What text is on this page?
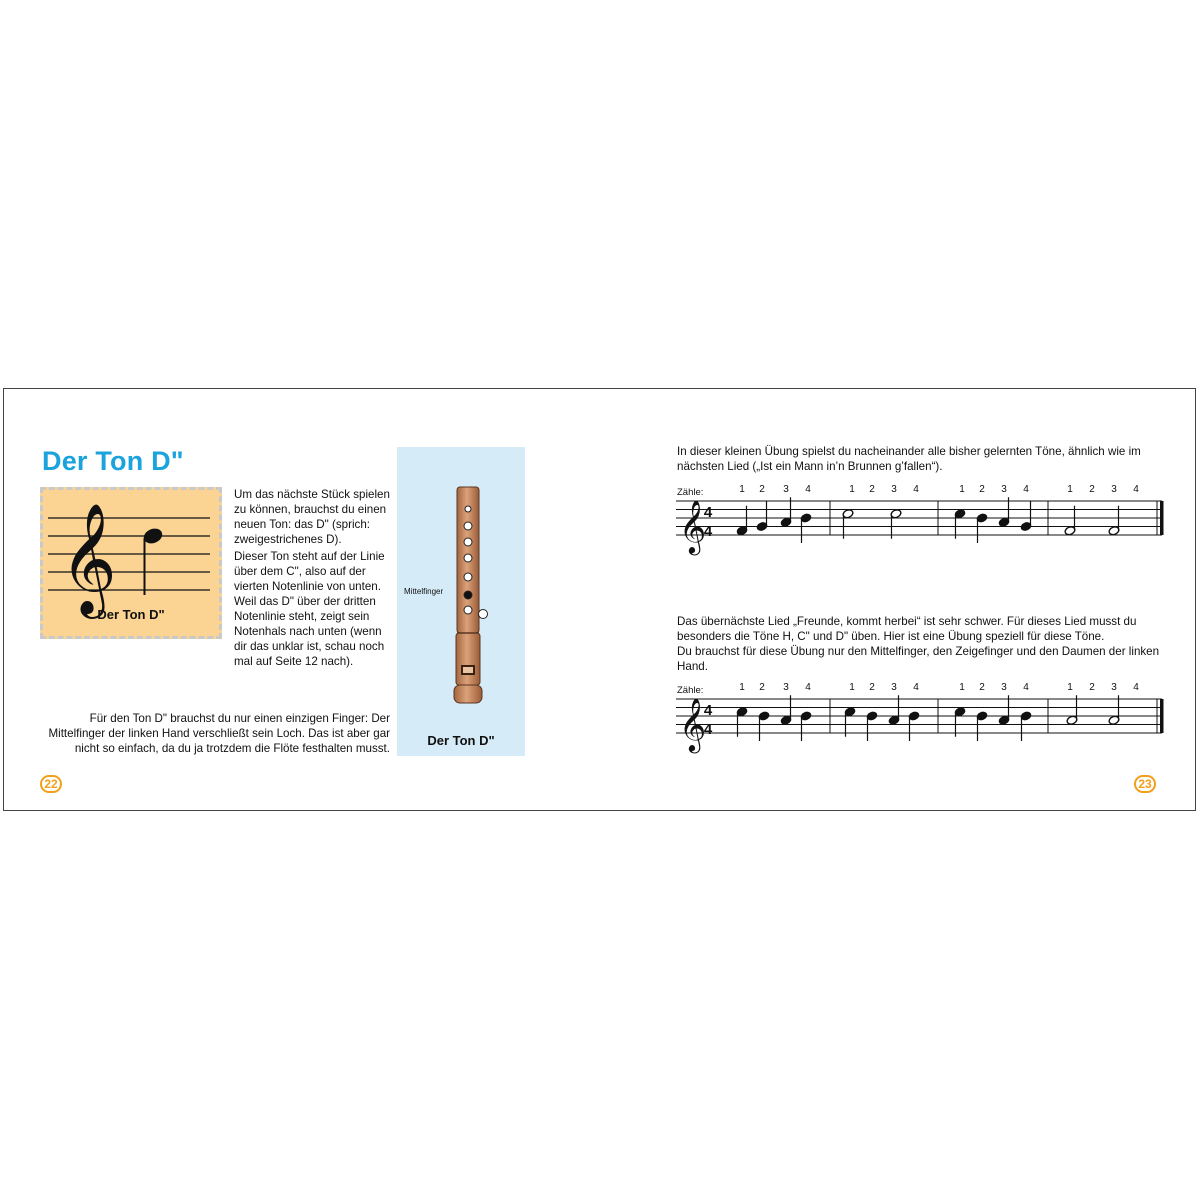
Der Ton D"
𝄞
Der Ton D"
Um das nächste Stück spielen zu können, brauchst du einen neuen Ton: das D" (sprich: zweigestrichenes D).
Dieser Ton steht auf der Linie über dem C", also auf der vierten Notenlinie von unten. Weil das D" über der dritten Notenlinie steht, zeigt sein Notenhals nach unten (wenn dir das unklar ist, schau noch mal auf Seite 12 nach).
Für den Ton D" brauchst du nur einen einzigen Finger: Der Mittelfinger der linken Hand verschließt sein Loch. Das ist aber gar nicht so einfach, da du ja trotzdem die Flöte festhalten musst.
Mittelfinger
Der Ton D"
22
In dieser kleinen Übung spielst du nacheinander alle bisher gelernten Töne, ähnlich wie im nächsten Lied („Ist ein Mann in’n Brunnen g’fallen“).
Zähle:	1	2	3	4	1	2	3	4	1	2	3	4	1	2	3	4
𝄞
4
4
Das übernächste Lied „Freunde, kommt herbei“ ist sehr schwer. Für dieses Lied musst du besonders die Töne H, C" und D" üben. Hier ist eine Übung speziell für diese Töne.
Du brauchst für diese Übung nur den Mittelfinger, den Zeigefinger und den Daumen der linken Hand.
Zähle:	1	2	3	4	1	2	3	4	1	2	3	4	1	2	3	4
𝄞
4
4
23
